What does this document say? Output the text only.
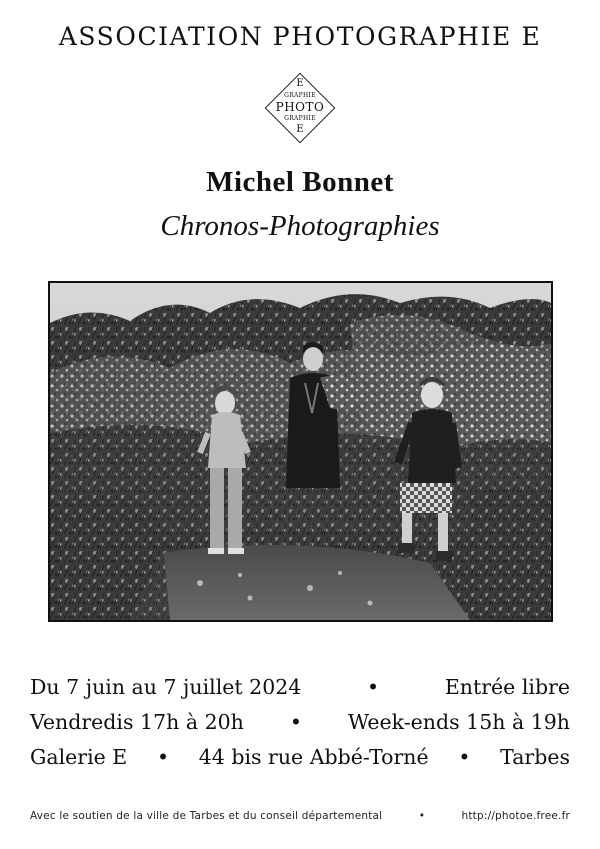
ASSOCIATION PHOTOGRAPHIE E
E
GRAPHIE
PHOTO
GRAPHIE
E
Michel Bonnet
Chronos-Photographies
Du 7 juin au 7 juillet 2024	•	Entrée libre
Vendredis 17h à 20h • Week-ends 15h à 19h
Galerie E • 44 bis rue Abbé-Torné • Tarbes
Avec le soutien de la ville de Tarbes et du conseil départemental	•	http://photoe.free.fr
